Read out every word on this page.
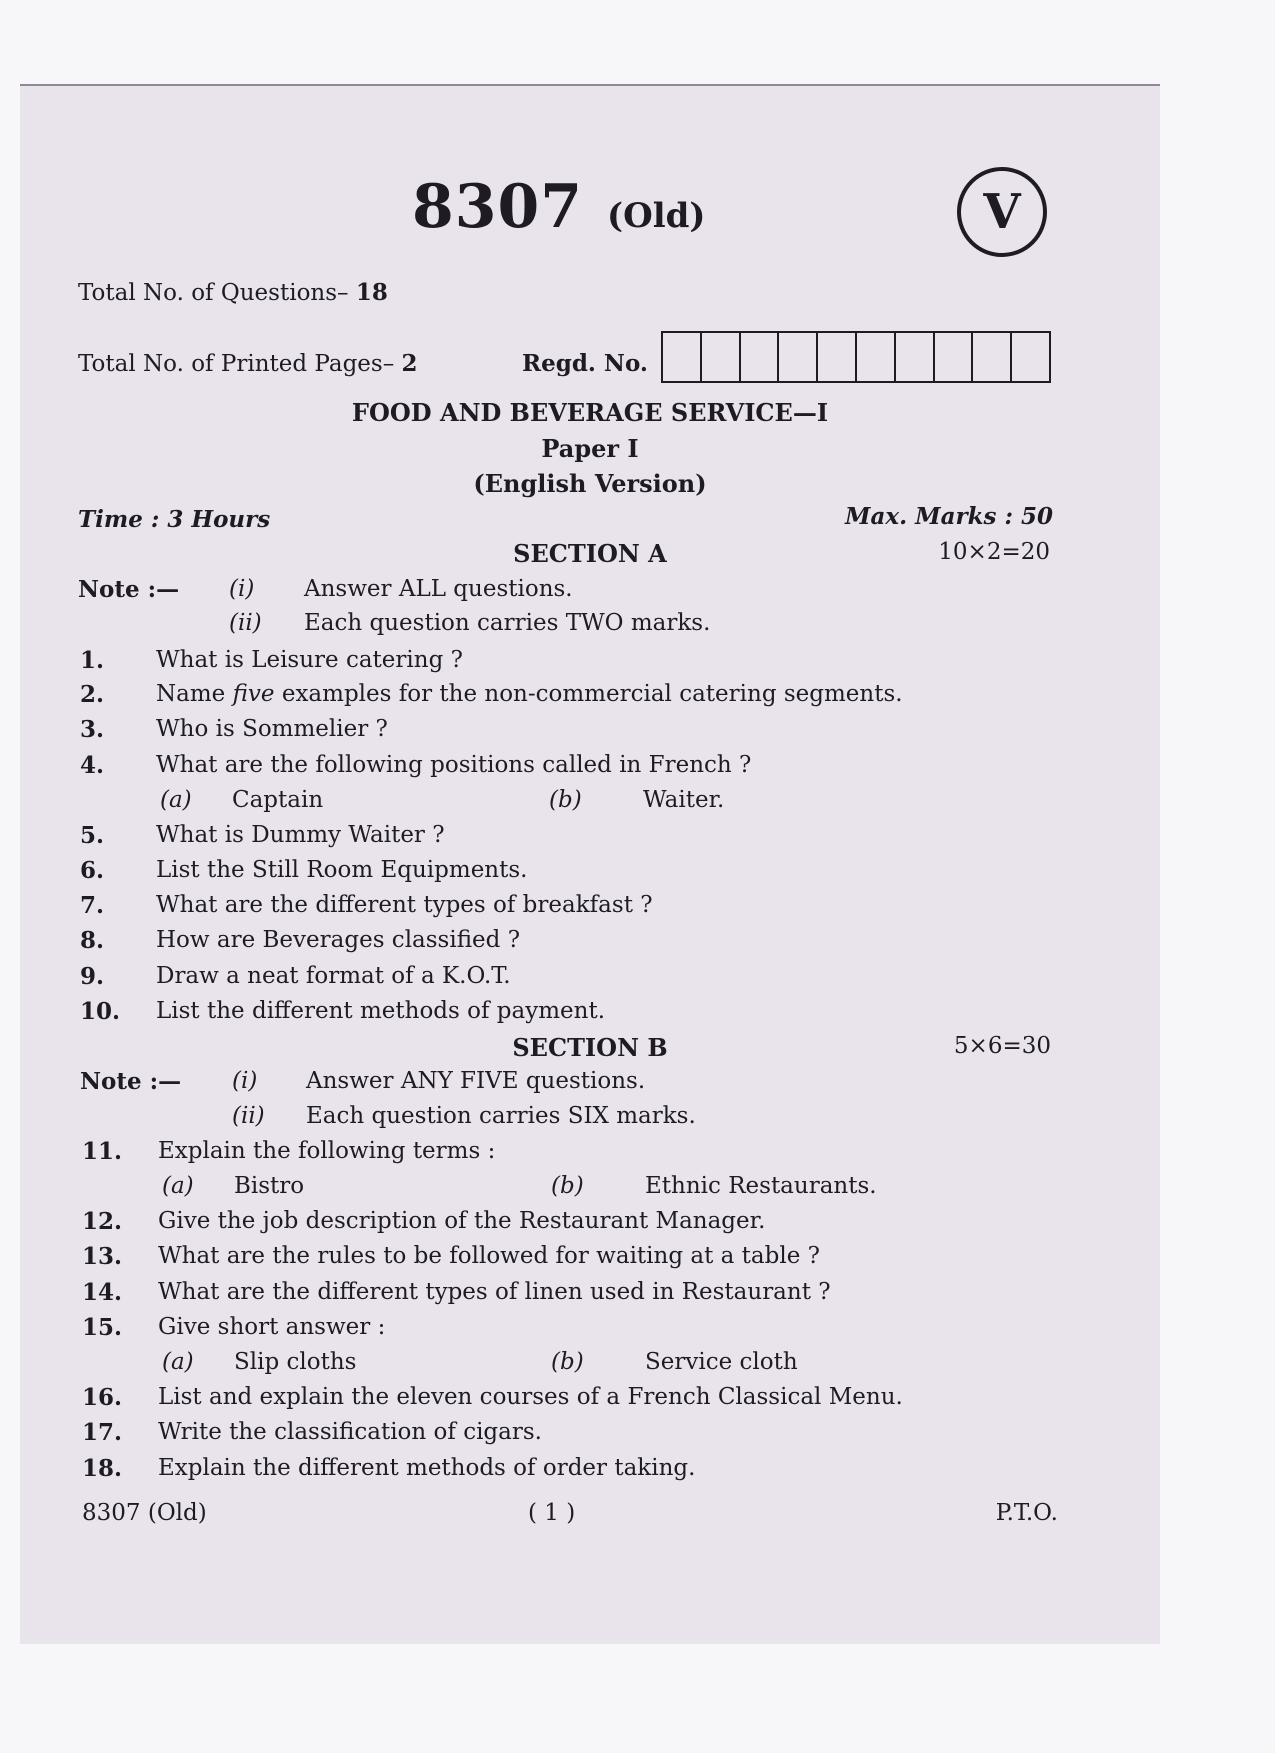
8307 (Old)	V
Total No. of Questions– 18
Total No. of Printed Pages– 2	Regd. No.
FOOD AND BEVERAGE SERVICE—I
Paper I
(English Version)
Time : 3 Hours	Max. Marks : 50
SECTION A	10×2=20
Note :— (i) Answer ALL questions.
(ii) Each question carries TWO marks.
1. What is Leisure catering ?
2. Name five examples for the non-commercial catering segments.
3. Who is Sommelier ?
4. What are the following positions called in French ?
(a) Captain	(b)	Waiter.
5. What is Dummy Waiter ?
6. List the Still Room Equipments.
7. What are the different types of breakfast ?
8. How are Beverages classified ?
9. Draw a neat format of a K.O.T.
10. List the different methods of payment.
SECTION B	5×6=30
Note :— (i) Answer ANY FIVE questions.
(ii) Each question carries SIX marks.
11. Explain the following terms :
(a) Bistro	(b)	Ethnic Restaurants.
12. Give the job description of the Restaurant Manager.
13. What are the rules to be followed for waiting at a table ?
14. What are the different types of linen used in Restaurant ?
15. Give short answer :
(a) Slip cloths	(b)	Service cloth
16. List and explain the eleven courses of a French Classical Menu.
17. Write the classification of cigars.
18. Explain the different methods of order taking.
8307 (Old)	( 1 )	P.T.O.
